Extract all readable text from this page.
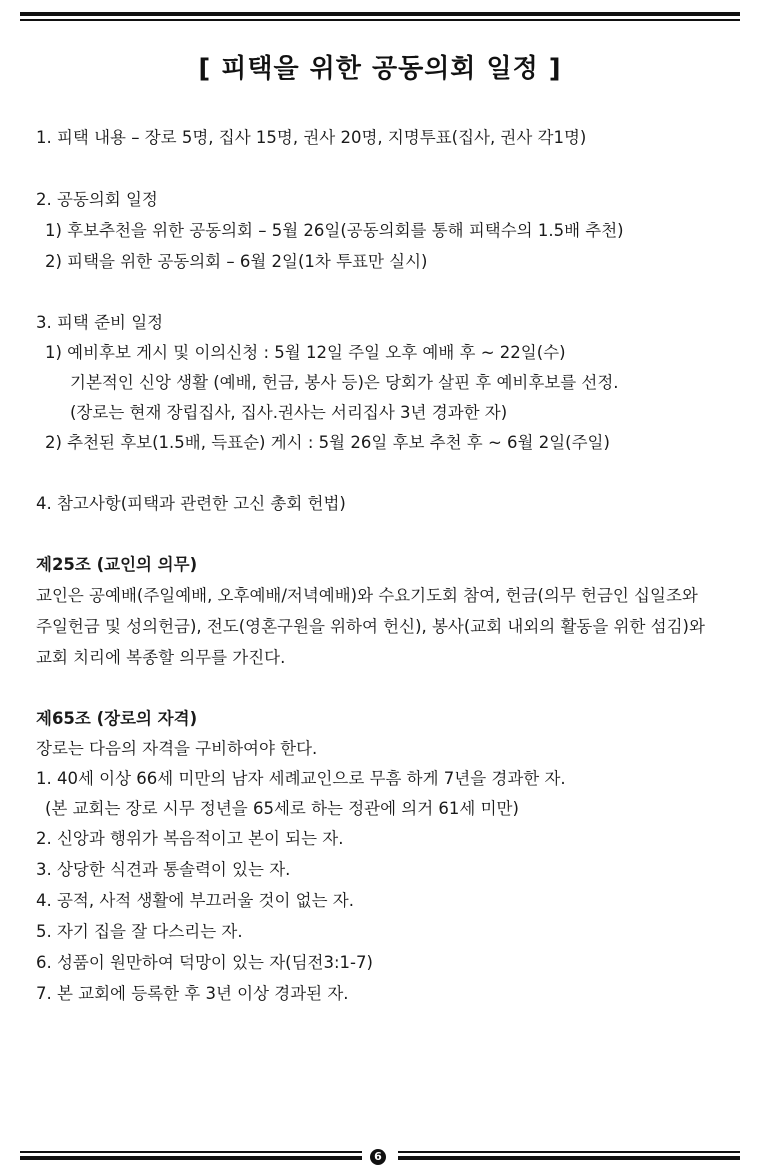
[ 피택을 위한 공동의회 일정 ]
1. 피택 내용 – 장로 5명, 집사 15명, 권사 20명, 지명투표(집사, 권사 각1명)
2. 공동의회 일정
1) 후보추천을 위한 공동의회 – 5월 26일(공동의회를 통해 피택수의 1.5배 추천)
2) 피택을 위한 공동의회 – 6월 2일(1차 투표만 실시)
3. 피택 준비 일정
1) 예비후보 게시 및 이의신청 : 5월 12일 주일 오후 예배 후 ~ 22일(수)
기본적인 신앙 생활 (예배, 헌금, 봉사 등)은 당회가 살핀 후 예비후보를 선정.
(장로는 현재 장립집사, 집사.권사는 서리집사 3년 경과한 자)
2) 추천된 후보(1.5배, 득표순) 게시 : 5월 26일 후보 추천 후 ~ 6월 2일(주일)
4. 참고사항(피택과 관련한 고신 총회 헌법)
제25조 (교인의 의무)
교인은 공예배(주일예배, 오후예배/저녁예배)와 수요기도회 참여, 헌금(의무 헌금인 십일조와
주일헌금 및 성의헌금), 전도(영혼구원을 위하여 헌신), 봉사(교회 내외의 활동을 위한 섬김)와
교회 치리에 복종할 의무를 가진다.
제65조 (장로의 자격)
장로는 다음의 자격을 구비하여야 한다.
1. 40세 이상 66세 미만의 남자 세례교인으로 무흠 하게 7년을 경과한 자.
(본 교회는 장로 시무 정년을 65세로 하는 정관에 의거 61세 미만)
2. 신앙과 행위가 복음적이고 본이 되는 자.
3. 상당한 식견과 통솔력이 있는 자.
4. 공적, 사적 생활에 부끄러울 것이 없는 자.
5. 자기 집을 잘 다스리는 자.
6. 성품이 원만하여 덕망이 있는 자(딤전3:1-7)
7. 본 교회에 등록한 후 3년 이상 경과된 자.
6
